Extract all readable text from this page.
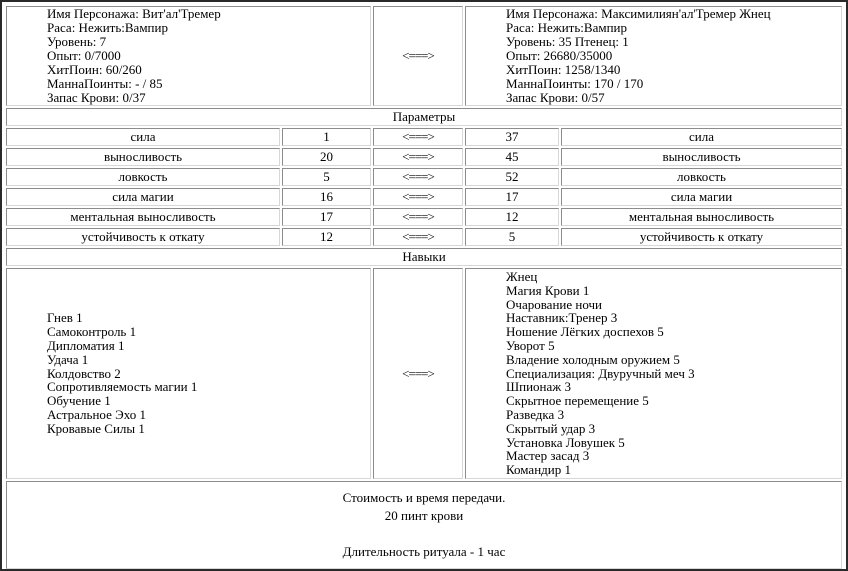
Имя Персонажа: Вит'ал'Тремер
Раса: Нежить:Вампир
Уровень: 7
Опыт: 0/7000
ХитПоин: 60/260
МаннаПоинты: - / 85
Запас Крови: 0/37
	<===>	
Имя Персонажа: Максимилиян'ал'Тремер Жнец
Раса: Нежить:Вампир
Уровень: 35 Птенец: 1
Опыт: 26680/35000
ХитПоин: 1258/1340
МаннаПоинты: 170 / 170
Запас Крови: 0/57

Параметры				
сила	1	<===>	37	сила
выносливость	20	<===>	45	выносливость
ловкость	5	<===>	52	ловкость
сила магии	16	<===>	17	сила магии
ментальная выносливость	17	<===>	12	ментальная выносливость
устойчивость к откату	12	<===>	5	устойчивость к откату
Навыки				

Гнев 1
Самоконтроль 1
Дипломатия 1
Удача 1
Колдовство 2
Сопротивляемость магии 1
Обучение 1
Астральное Эхо 1
Кровавые Силы 1
	<===>	
Жнец
Магия Крови 1
Очарование ночи
Наставник:Тренер 3
Ношение Лёгких доспехов 5
Уворот 5
Владение холодным оружием 5
Специализация: Двуручный меч 3
Шпионаж 3
Скрытное перемещение 5
Разведка 3
Скрытый удар 3
Установка Ловушек 5
Мастер засад 3
Командир 1

Стоимость и время передачи.
20 пинт крови
Длительность ритуала - 1 час				
